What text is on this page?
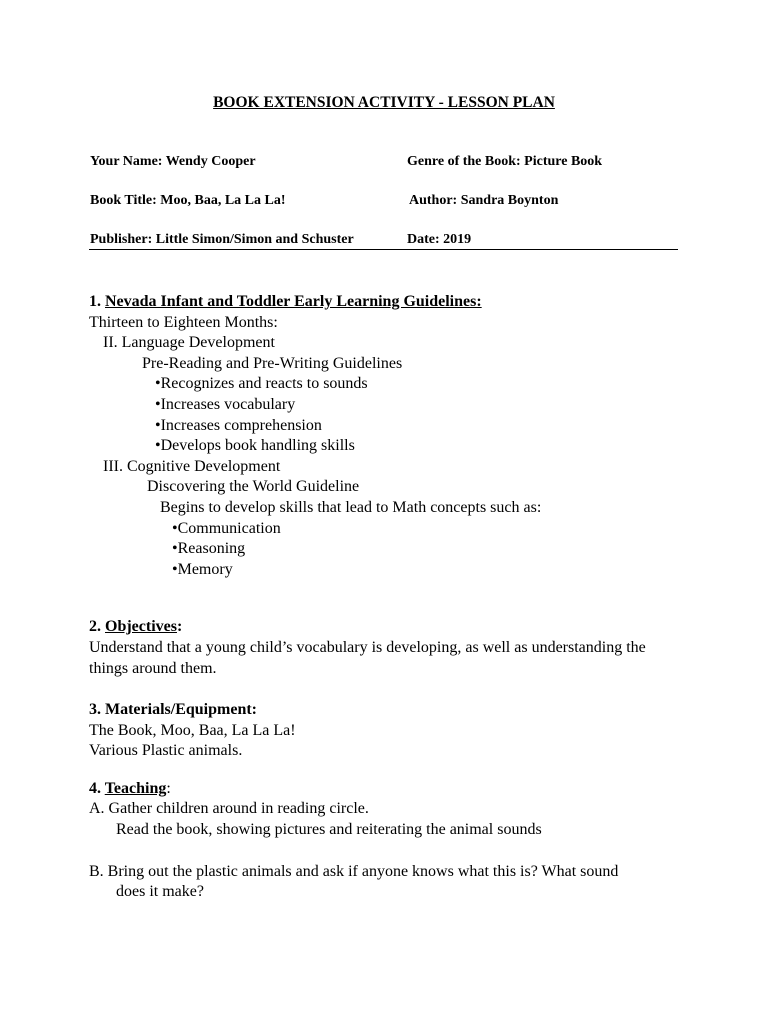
BOOK EXTENSION ACTIVITY - LESSON PLAN
Your Name: Wendy Cooper	Genre of the Book: Picture Book
Book Title: Moo, Baa, La La La!	Author: Sandra Boynton
Publisher: Little Simon/Simon and Schuster	Date: 2019
1. Nevada Infant and Toddler Early Learning Guidelines:
Thirteen to Eighteen Months:
II. Language Development
Pre-Reading and Pre-Writing Guidelines
•Recognizes and reacts to sounds
•Increases vocabulary
•Increases comprehension
•Develops book handling skills
III. Cognitive Development
Discovering the World Guideline
Begins to develop skills that lead to Math concepts such as:
•Communication
•Reasoning
•Memory
2. Objectives:
Understand that a young child’s vocabulary is developing, as well as understanding the things around them.
3. Materials/Equipment:
The Book, Moo, Baa, La La La!
Various Plastic animals.
4. Teaching:
A. Gather children around in reading circle.
Read the book, showing pictures and reiterating the animal sounds
B. Bring out the plastic animals and ask if anyone knows what this is? What sound
does it make?
